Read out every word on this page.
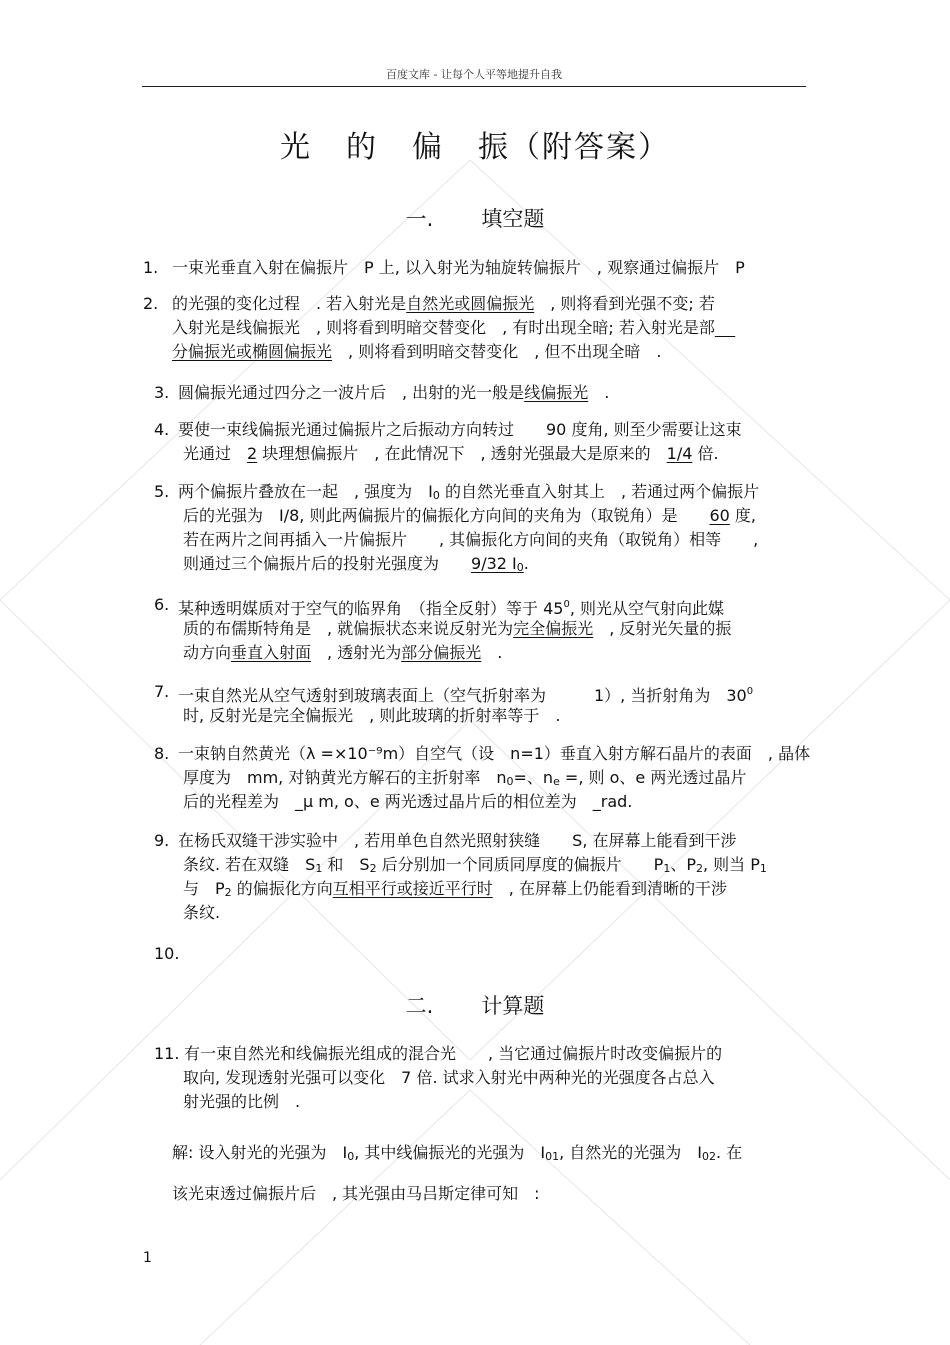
百度文库 - 让每个人平等地提升自我
光 的 偏 振（附答案）
一. 填空题
1. 一束光垂直入射在偏振片　P 上, 以入射光为轴旋转偏振片　, 观察通过偏振片　P
2. 的光强的变化过程　. 若入射光是自然光或圆偏振光　, 则将看到光强不变; 若
入射光是线偏振光　, 则将看到明暗交替变化　, 有时出现全暗; 若入射光是部
分偏振光或椭圆偏振光　, 则将看到明暗交替变化　, 但不出现全暗　.
3. 圆偏振光通过四分之一波片后　, 出射的光一般是线偏振光　.
4. 要使一束线偏振光通过偏振片之后振动方向转过　　90 度角, 则至少需要让这束
光通过　2 块理想偏振片　, 在此情况下　, 透射光强最大是原来的　1/4 倍.
5. 两个偏振片叠放在一起　, 强度为　I0 的自然光垂直入射其上　, 若通过两个偏振片
后的光强为　I/8, 则此两偏振片的偏振化方向间的夹角为（取锐角）是　　60 度,
若在两片之间再插入一片偏振片　　, 其偏振化方向间的夹角（取锐角）相等　　,
则通过三个偏振片后的投射光强度为　　9/32 I0.
6. 某种透明媒质对于空气的临界角　（指全反射）等于 $45^0$, 则光从空气射向此媒
质的布儒斯特角是　, 就偏振状态来说反射光为完全偏振光　, 反射光矢量的振
动方向垂直入射面　, 透射光为部分偏振光　.
7. 一束自然光从空气透射到玻璃表面上（空气折射率为　　　1）, 当折射角为　$30^0$
时, 反射光是完全偏振光　, 则此玻璃的折射率等于　.
8. 一束钠自然黄光（λ =×10⁻⁹m）自空气（设　n=1）垂直入射方解石晶片的表面　, 晶体
厚度为　mm, 对钠黄光方解石的主折射率　n0=、ne =, 则 o、e 两光透过晶片
后的光程差为　_μ m, o、e 两光透过晶片后的相位差为　_rad.
9. 在杨氏双缝干涉实验中　, 若用单色自然光照射狭缝　　S, 在屏幕上能看到干涉
条纹. 若在双缝　S1 和　S2 后分别加一个同质同厚度的偏振片　　P1、P2, 则当 P1
与　P2 的偏振化方向互相平行或接近平行时　, 在屏幕上仍能看到清晰的干涉
条纹.
10.
二. 计算题
11. 有一束自然光和线偏振光组成的混合光　　, 当它通过偏振片时改变偏振片的
取向, 发现透射光强可以变化　7 倍. 试求入射光中两种光的光强度各占总入
射光强的比例　.
解: 设入射光的光强为　I0, 其中线偏振光的光强为　I01, 自然光的光强为　I02. 在
该光束透过偏振片后　, 其光强由马吕斯定律可知　:
1
